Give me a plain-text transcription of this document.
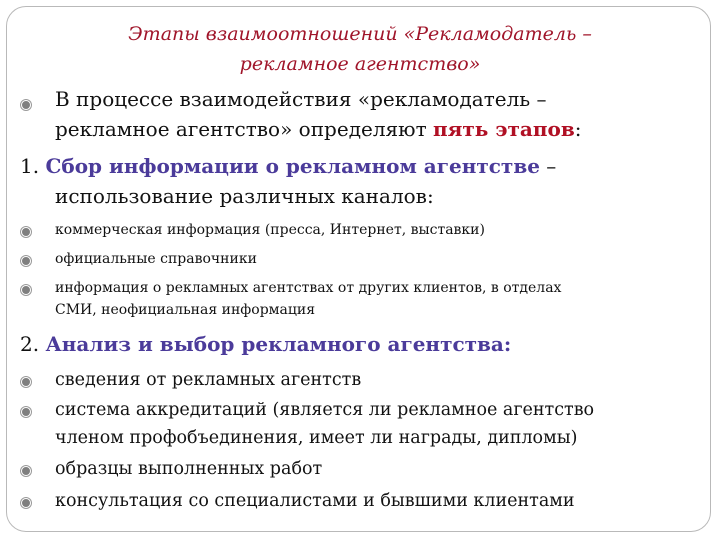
Этапы взаимоотношений «Рекламодатель –
рекламное агентство»
В процессе взаимодействия «рекламодатель –
рекламное агентство» определяют пять этапов:
1. Сбор информации о рекламном агентстве –
использование различных каналов:
коммерческая информация (пресса, Интернет, выставки)
официальные справочники
информация о рекламных агентствах от других клиентов, в отделах
СМИ, неофициальная информация
2. Анализ и выбор рекламного агентства:
сведения от рекламных агентств
система аккредитаций (является ли рекламное агентство
членом профобъединения, имеет ли награды, дипломы)
образцы выполненных работ
консультация со специалистами и бывшими клиентами
